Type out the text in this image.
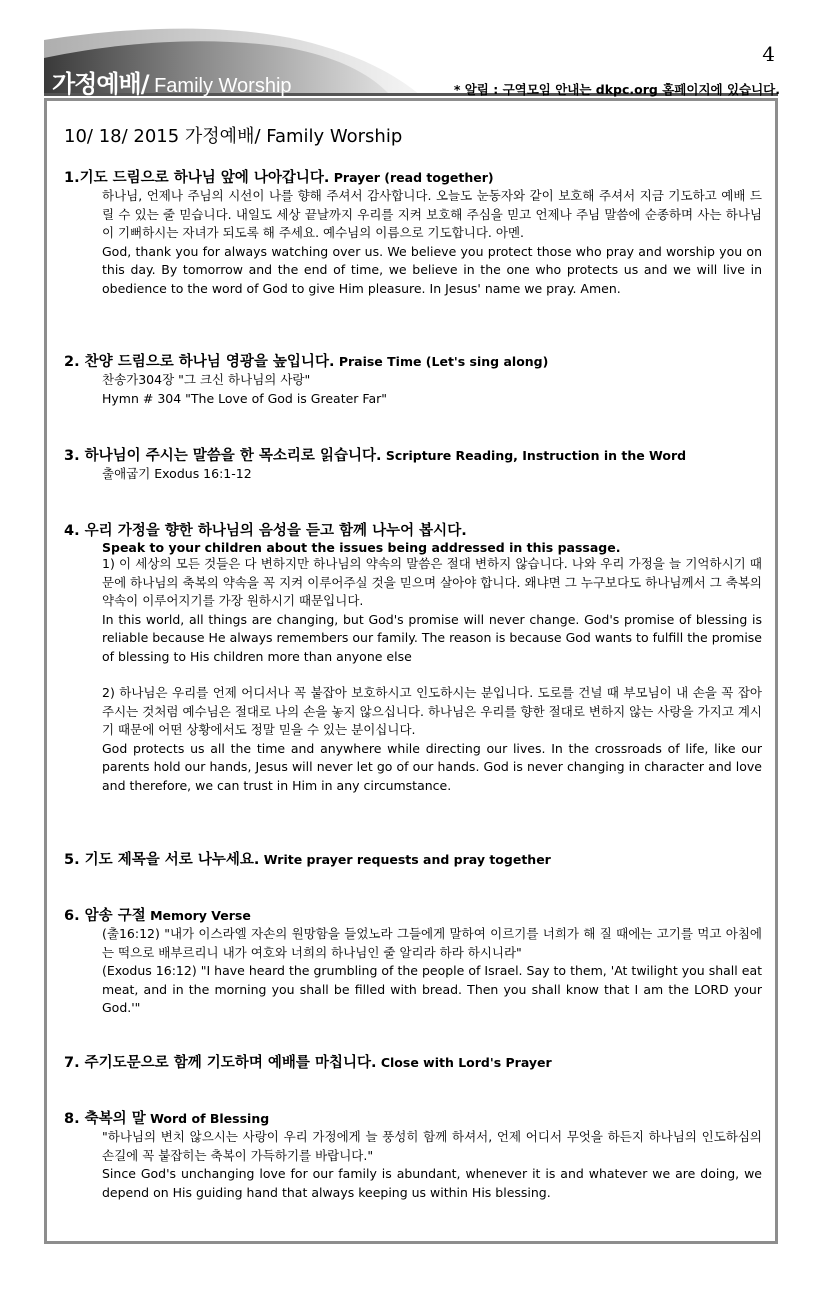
4
가정예배/ Family Worship	* 알림 : 구역모임 안내는 dkpc.org 홈페이지에 있습니다.
10/ 18/ 2015 가정예배/ Family Worship
1.기도 드림으로 하나님 앞에 나아갑니다. Prayer (read together)

하나님, 언제나 주님의 시선이 나를 향해 주셔서 감사합니다. 오늘도 눈동자와 같이 보호해 주셔서 지금 기도하고 예배 드릴 수 있는 줄 믿습니다. 내일도 세상 끝날까지 우리를 지켜 보호해 주심을 믿고 언제나 주님 말씀에 순종하며 사는 하나님이 기뻐하시는 자녀가 되도록 해 주세요. 예수님의 이름으로 기도합니다. 아멘.

God, thank you for always watching over us. We believe you protect those who pray and worship you on this day. By tomorrow and the end of time, we believe in the one who protects us and we will live in obedience to the word of God to give Him pleasure. In Jesus' name we pray. Amen.

2. 찬양 드림으로 하나님 영광을 높입니다. Praise Time (Let's sing along)

찬송가304장 "그 크신 하나님의 사랑"

Hymn # 304 "The Love of God is Greater Far"

3. 하나님이 주시는 말씀을 한 목소리로 읽습니다. Scripture Reading, Instruction in the Word

출애굽기 Exodus 16:1-12

4. 우리 가정을 향한 하나님의 음성을 듣고 함께 나누어 봅시다.
Speak to your children about the issues being addressed in this passage.

1) 이 세상의 모든 것들은 다 변하지만 하나님의 약속의 말씀은 절대 변하지 않습니다. 나와 우리 가정을 늘 기억하시기 때문에 하나님의 축복의 약속을 꼭 지켜 이루어주실 것을 믿으며 살아야 합니다. 왜냐면 그 누구보다도 하나님께서 그 축복의 약속이 이루어지기를 가장 원하시기 때문입니다.

In this world, all things are changing, but God's promise will never change. God's promise of blessing is reliable because He always remembers our family. The reason is because God wants to fulfill the promise of blessing to His children more than anyone else

2) 하나님은 우리를 언제 어디서나 꼭 붙잡아 보호하시고 인도하시는 분입니다. 도로를 건널 때 부모님이 내 손을 꼭 잡아 주시는 것처럼 예수님은 절대로 나의 손을 놓지 않으십니다. 하나님은 우리를 향한 절대로 변하지 않는 사랑을 가지고 계시기 때문에 어떤 상황에서도 정말 믿을 수 있는 분이십니다.

God protects us all the time and anywhere while directing our lives. In the crossroads of life, like our parents hold our hands, Jesus will never let go of our hands. God is never changing in character and love and therefore, we can trust in Him in any circumstance.

5. 기도 제목을 서로 나누세요. Write prayer requests and pray together
6. 암송 구절 Memory Verse

(출16:12) "내가 이스라엘 자손의 원망함을 들었노라 그들에게 말하여 이르기를 너희가 해 질 때에는 고기를 먹고 아침에는 떡으로 배부르리니 내가 여호와 너희의 하나님인 줄 알리라 하라 하시니라"

(Exodus 16:12) "I have heard the grumbling of the people of Israel. Say to them, 'At twilight you shall eat meat, and in the morning you shall be filled with bread. Then you shall know that I am the LORD your God.'"

7. 주기도문으로 함께 기도하며 예배를 마칩니다. Close with Lord's Prayer
8. 축복의 말 Word of Blessing

"하나님의 변치 않으시는 사랑이 우리 가정에게 늘 풍성히 함께 하셔서, 언제 어디서 무엇을 하든지 하나님의 인도하심의 손길에 꼭 붙잡히는 축복이 가득하기를 바랍니다."

Since God's unchanging love for our family is abundant, whenever it is and whatever we are doing, we depend on His guiding hand that always keeping us within His blessing.
